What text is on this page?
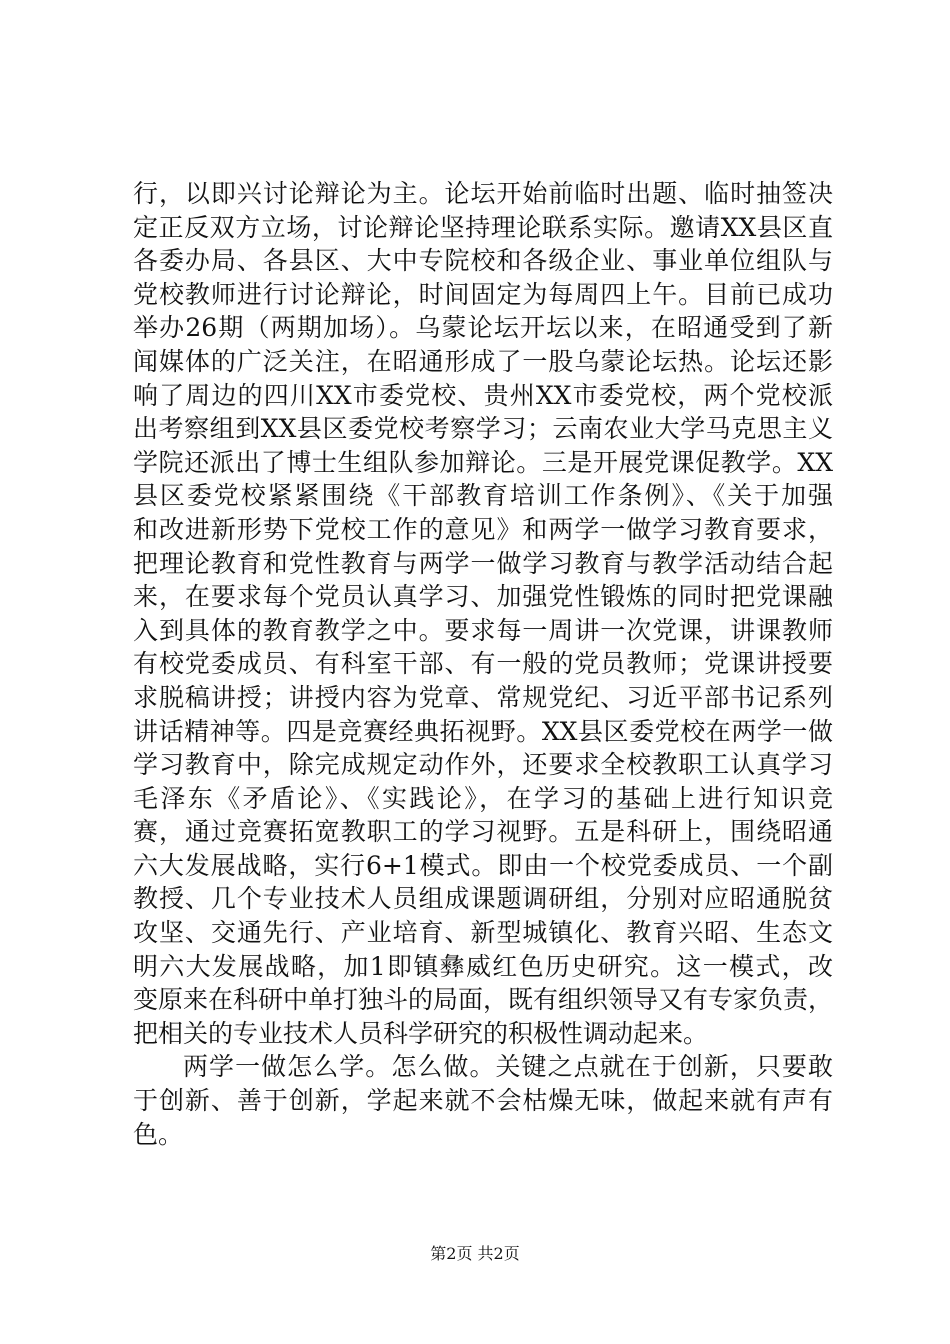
行，以即兴讨论辩论为主。论坛开始前临时出题、临时抽签决
定正反双方立场，讨论辩论坚持理论联系实际。邀请XX县区直
各委办局、各县区、大中专院校和各级企业、事业单位组队与
党校教师进行讨论辩论，时间固定为每周四上午。目前已成功
举办26期（两期加场）。乌蒙论坛开坛以来，在昭通受到了新
闻媒体的广泛关注，在昭通形成了一股乌蒙论坛热。论坛还影
响了周边的四川XX市委党校、贵州XX市委党校，两个党校派
出考察组到XX县区委党校考察学习；云南农业大学马克思主义
学院还派出了博士生组队参加辩论。三是开展党课促教学。XX
县区委党校紧紧围绕《干部教育培训工作条例》、《关于加强
和改进新形势下党校工作的意见》和两学一做学习教育要求，
把理论教育和党性教育与两学一做学习教育与教学活动结合起
来，在要求每个党员认真学习、加强党性锻炼的同时把党课融
入到具体的教育教学之中。要求每一周讲一次党课，讲课教师
有校党委成员、有科室干部、有一般的党员教师；党课讲授要
求脱稿讲授；讲授内容为党章、常规党纪、习近平部书记系列
讲话精神等。四是竞赛经典拓视野。XX县区委党校在两学一做
学习教育中，除完成规定动作外，还要求全校教职工认真学习
毛泽东《矛盾论》、《实践论》，在学习的基础上进行知识竞
赛，通过竞赛拓宽教职工的学习视野。五是科研上，围绕昭通
六大发展战略，实行6+1模式。即由一个校党委成员、一个副
教授、几个专业技术人员组成课题调研组，分别对应昭通脱贫
攻坚、交通先行、产业培育、新型城镇化、教育兴昭、生态文
明六大发展战略，加1即镇彝威红色历史研究。这一模式，改
变原来在科研中单打独斗的局面，既有组织领导又有专家负责，
把相关的专业技术人员科学研究的积极性调动起来。
两学一做怎么学。怎么做。关键之点就在于创新，只要敢
于创新、善于创新，学起来就不会枯燥无味，做起来就有声有
色。
第2页 共2页
